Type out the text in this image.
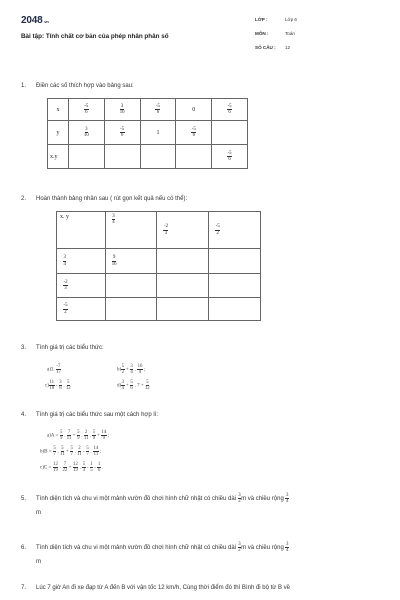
2048.vn
Bài tập: Tính chất cơ bản của phép nhân phân số
LỚP :	Lớp 6
MÔN :	Toán
SỐ CÂU : 12
1. Điền các số thích hợp vào bảng sau:
x	$\frac{-5}{6}$	$\frac{3}{10}$	$\frac{-5}{6}$	0	$\frac{-5}{6}$

y	$\frac{3}{10}$	$\frac{-5}{6}$	1	$\frac{-5}{6}$

x.y					$\frac{-5}{6}$
2. Hoàn thành bảng nhân sau ( rút gọn kết quả nếu có thể):
x. y	$\frac{3}{4}$	$\frac{-2}{3}$	$\frac{-5}{2}$

$\frac{3}{4}$	$\frac{9}{16}$

$\frac{-2}{3}$

$\frac{-5}{2}$

3. Tính giá trị các biểu thức:
a)3. $\frac{-7}{17}$	$b) \frac{5}{2} + \frac{3}{4}$ . $\frac{16}{9}$ ;
$c) \frac{11}{18} - \frac{3}{8}$ . $\frac{5}{12}$	$d) \frac{3}{4} + \frac{5}{6}$ . $7 + \frac{5}{12}$
4. Tính giá trị các biểu thức sau một cách hợp lí:
$a)A = \frac{5}{9}$ . $\frac{7}{11} + \frac{5}{9}$ . $\frac{2}{11}$ . $\frac{5}{9} + \frac{14}{9}$ ;
$b)B = \frac{5}{7}$ . $\frac{5}{11} + \frac{5}{7}$ . $\frac{2}{11} - \frac{5}{7}$ . $\frac{14}{11}$ ;
$c)C = \frac{12}{19} - \frac{7}{22} + \frac{12}{19}$ . $\frac{5}{3} - \frac{1}{5} - \frac{1}{6}$ .
5. Tính diện tích và chu vi một mảnh vườn đồ chơi hình chữ nhật có chiều dài $\frac{3}{2}$ m và chiều rộng $\frac{3}{4}$
m
6. Tính diện tích và chu vi một mảnh vườn đồ chơi hình chữ nhật có chiều dài $\frac{3}{2}$ m và chiều rộng $\frac{3}{4}$
m
7. Lúc 7 giờ An đi xe đạp từ A đến B với vận tốc 12 km/h, Cùng thời điểm đó thì Bình đi bộ từ B về
